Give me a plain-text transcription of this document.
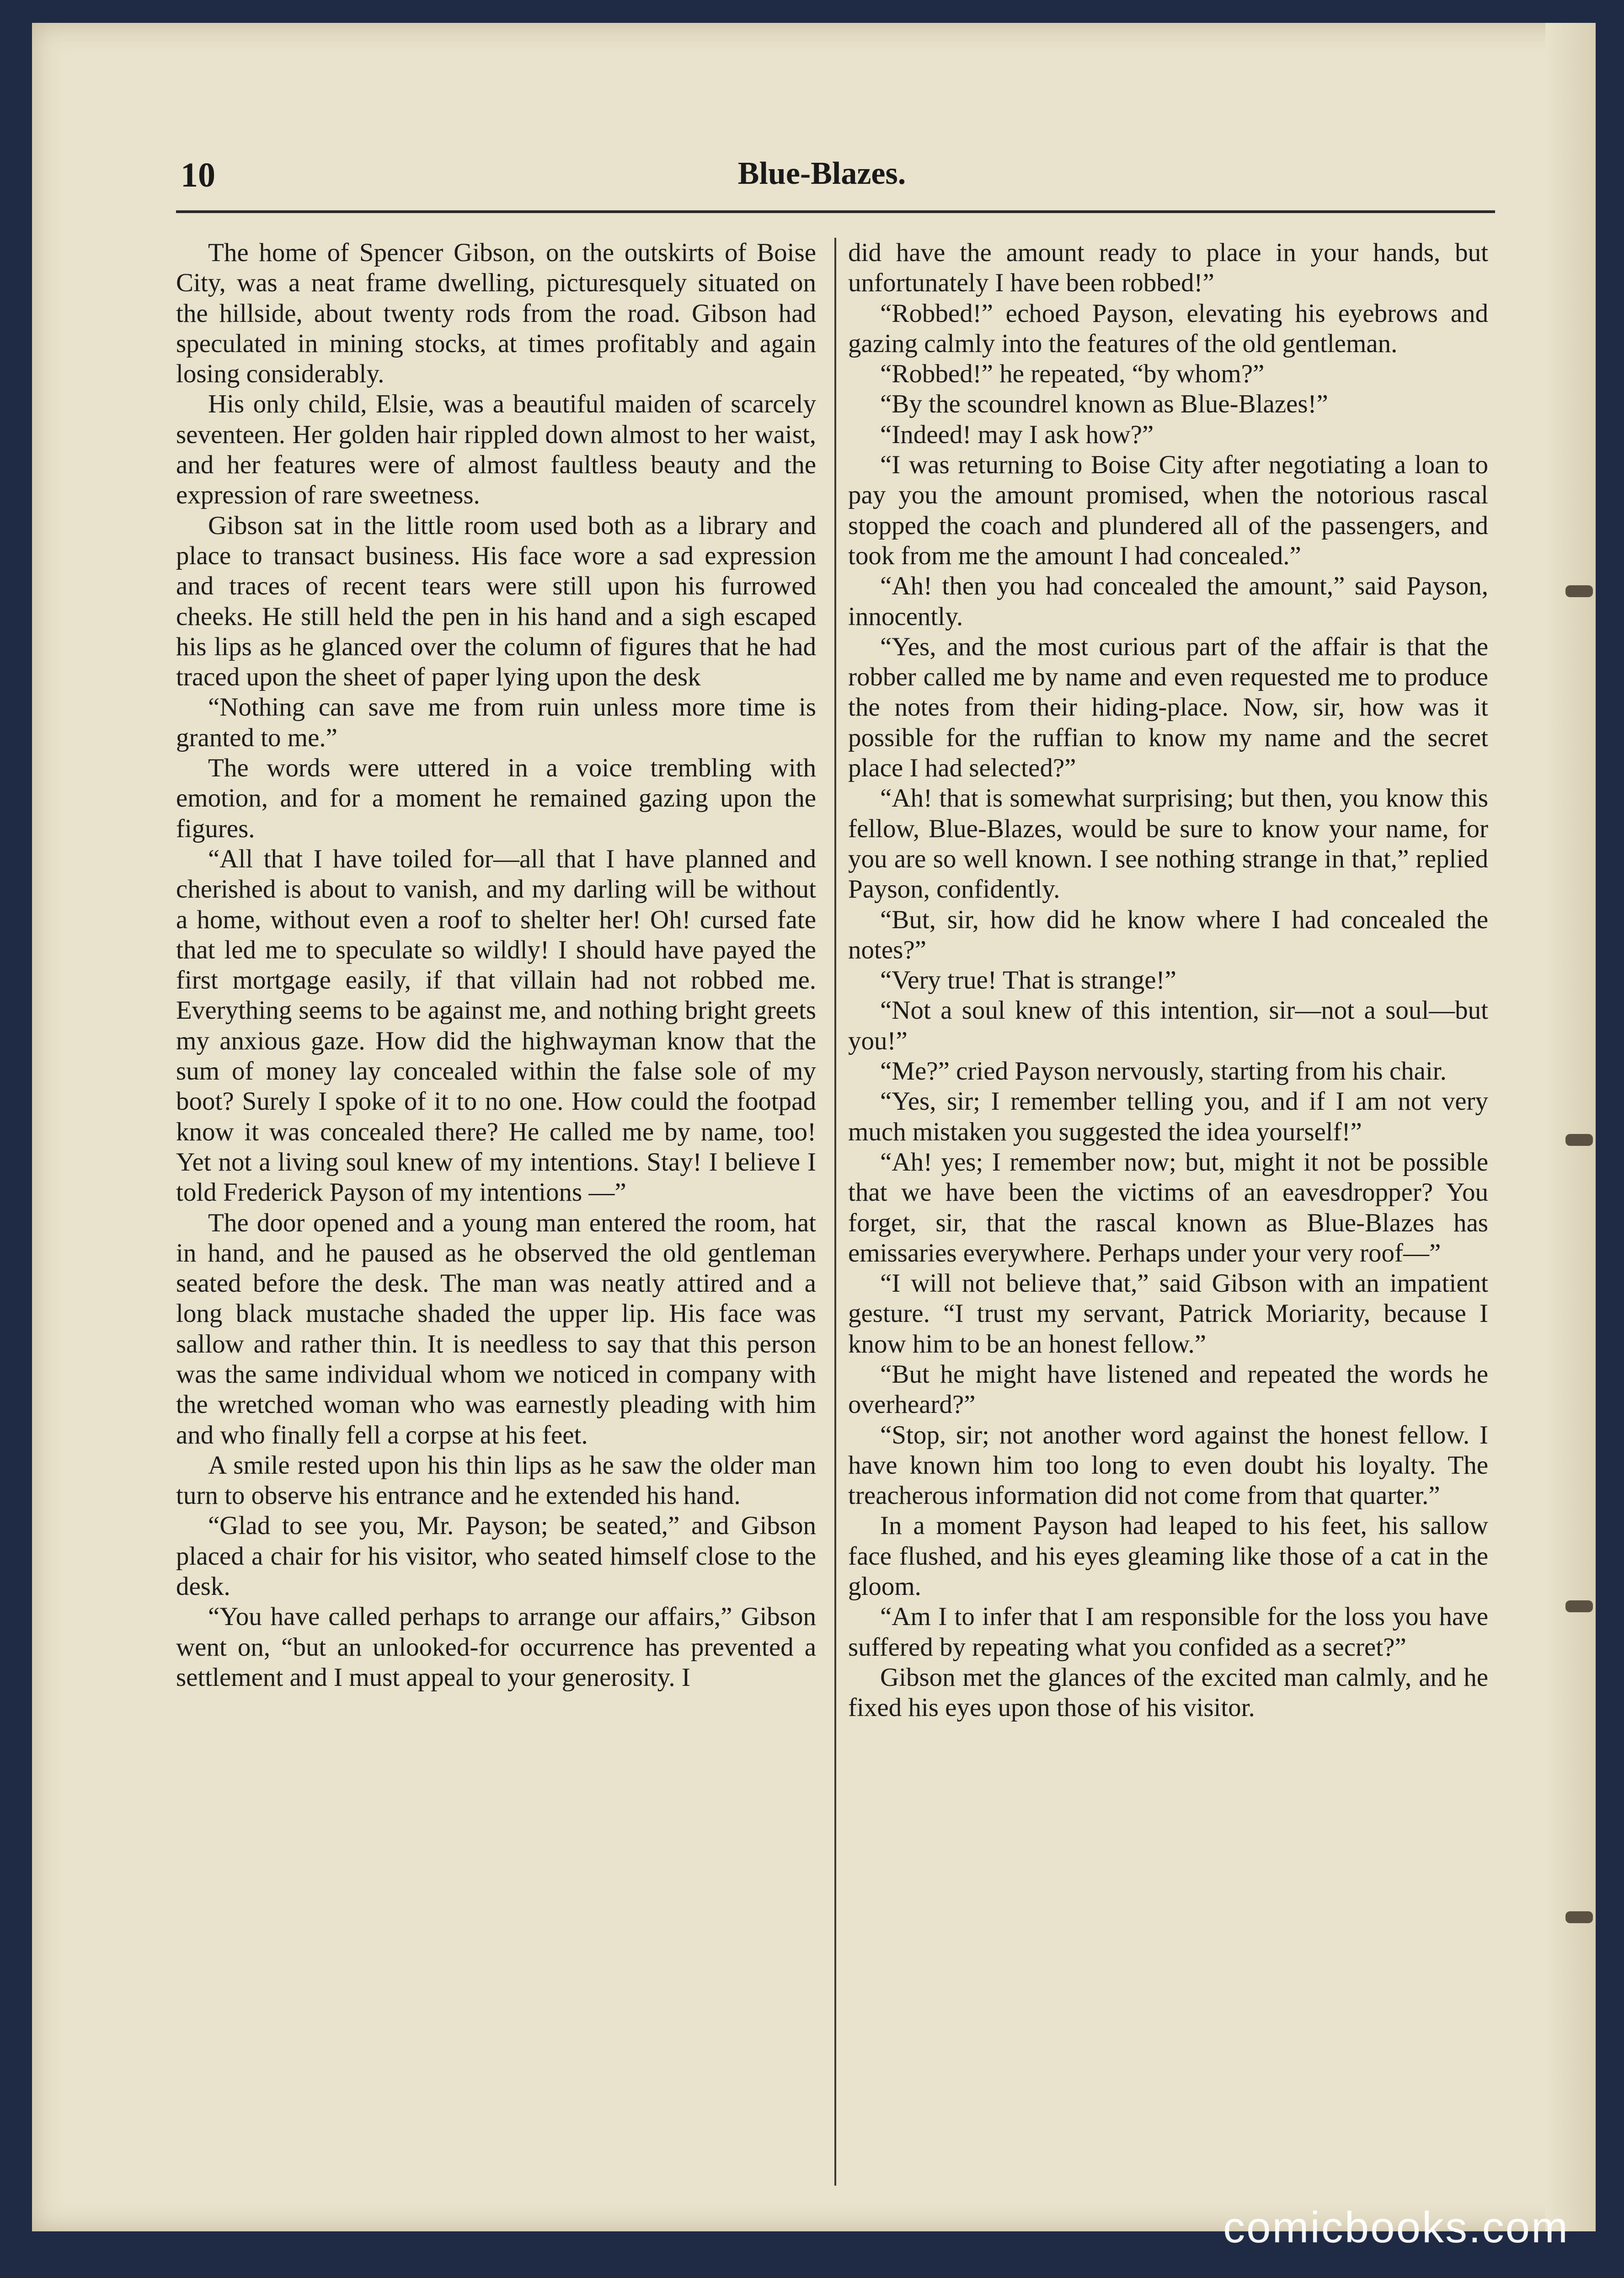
10	Blue-Blazes.

The home of Spencer Gibson, on the outskirts of Boise City, was a neat frame dwelling, picturesquely situated on the hillside, about twenty rods from the road. Gibson had speculated in mining stocks, at times profitably and again losing considerably.

His only child, Elsie, was a beautiful maiden of scarcely seventeen. Her golden hair rippled down almost to her waist, and her features were of almost faultless beauty and the expression of rare sweetness.

Gibson sat in the little room used both as a library and place to transact business. His face wore a sad expression and traces of recent tears were still upon his furrowed cheeks. He still held the pen in his hand and a sigh escaped his lips as he glanced over the column of figures that he had traced upon the sheet of paper lying upon the desk

“Nothing can save me from ruin unless more time is granted to me.”

The words were uttered in a voice trembling with emotion, and for a moment he remained gazing upon the figures.

“All that I have toiled for—all that I have planned and cherished is about to vanish, and my darling will be without a home, without even a roof to shelter her! Oh! cursed fate that led me to speculate so wildly! I should have payed the first mortgage easily, if that villain had not robbed me. Everything seems to be against me, and nothing bright greets my anxious gaze. How did the highwayman know that the sum of money lay concealed within the false sole of my boot? Surely I spoke of it to no one. How could the footpad know it was concealed there? He called me by name, too! Yet not a living soul knew of my intentions. Stay! I believe I told Frederick Payson of my intentions —”

The door opened and a young man entered the room, hat in hand, and he paused as he observed the old gentleman seated before the desk. The man was neatly attired and a long black mustache shaded the upper lip. His face was sallow and rather thin. It is needless to say that this person was the same individual whom we noticed in company with the wretched woman who was earnestly pleading with him and who finally fell a corpse at his feet.

A smile rested upon his thin lips as he saw the older man turn to observe his entrance and he extended his hand.

“Glad to see you, Mr. Payson; be seated,” and Gibson placed a chair for his visitor, who seated himself close to the desk.

“You have called perhaps to arrange our affairs,” Gibson went on, “but an unlooked-for occurrence has prevented a settlement and I must appeal to your generosity. I

did have the amount ready to place in your hands, but unfortunately I have been robbed!”

“Robbed!” echoed Payson, elevating his eyebrows and gazing calmly into the features of the old gentleman.

“Robbed!” he repeated, “by whom?”

“By the scoundrel known as Blue-Blazes!”

“Indeed! may I ask how?”

“I was returning to Boise City after negotiating a loan to pay you the amount promised, when the notorious rascal stopped the coach and plundered all of the passengers, and took from me the amount I had concealed.”

“Ah! then you had concealed the amount,” said Payson, innocently.

“Yes, and the most curious part of the affair is that the robber called me by name and even requested me to produce the notes from their hiding-place. Now, sir, how was it possible for the ruffian to know my name and the secret place I had selected?”

“Ah! that is somewhat surprising; but then, you know this fellow, Blue-Blazes, would be sure to know your name, for you are so well known. I see nothing strange in that,” replied Payson, confidently.

“But, sir, how did he know where I had concealed the notes?”

“Very true! That is strange!”

“Not a soul knew of this intention, sir—not a soul—but you!”

“Me?” cried Payson nervously, starting from his chair.

“Yes, sir; I remember telling you, and if I am not very much mistaken you suggested the idea yourself!”

“Ah! yes; I remember now; but, might it not be possible that we have been the victims of an eavesdropper? You forget, sir, that the rascal known as Blue-Blazes has emissaries everywhere. Perhaps under your very roof—”

“I will not believe that,” said Gibson with an impatient gesture. “I trust my servant, Patrick Moriarity, because I know him to be an honest fellow.”

“But he might have listened and repeated the words he overheard?”

“Stop, sir; not another word against the honest fellow. I have known him too long to even doubt his loyalty. The treacherous information did not come from that quarter.”

In a moment Payson had leaped to his feet, his sallow face flushed, and his eyes gleaming like those of a cat in the gloom.

“Am I to infer that I am responsible for the loss you have suffered by repeating what you confided as a secret?”

Gibson met the glances of the excited man calmly, and he fixed his eyes upon those of his visitor.

comicbooks.com
